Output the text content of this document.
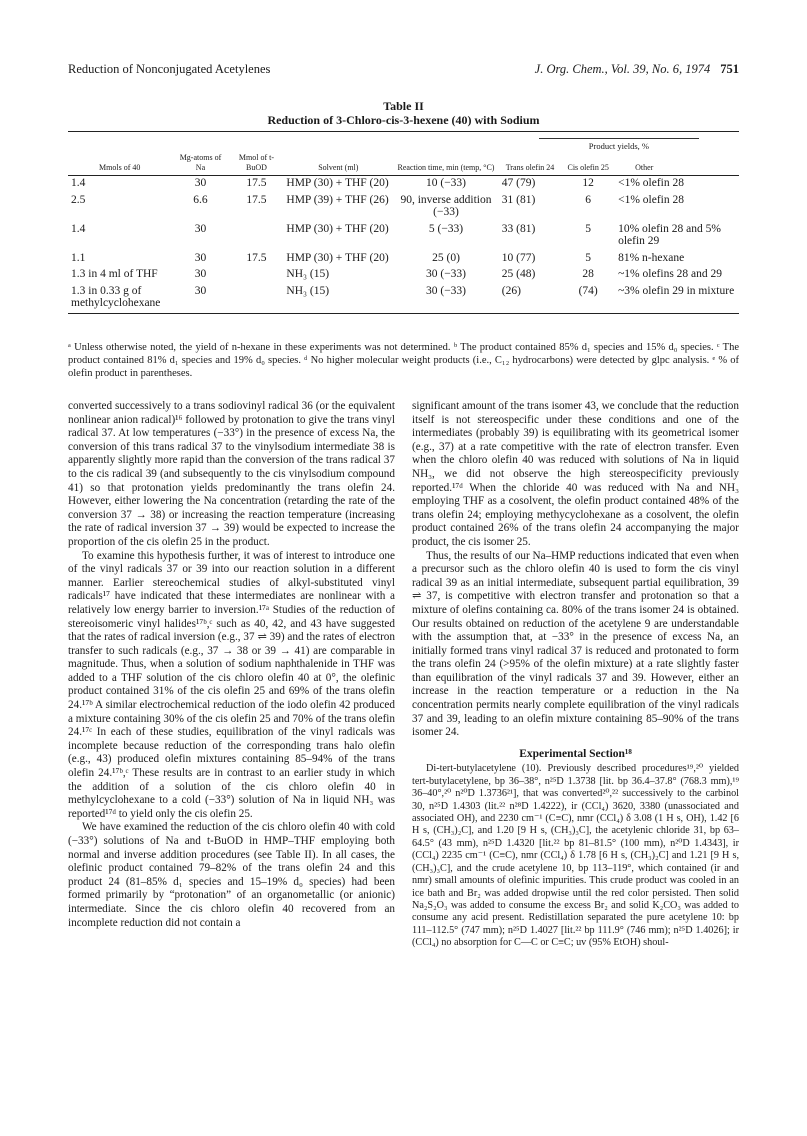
Reduction of Nonconjugated Acetylenes	J. Org. Chem., Vol. 39, No. 6, 1974 751
Table II
Reduction of 3-Chloro-cis-3-hexene (40) with Sodium

Product yields, %		
Mmols of 40	Mg-atoms of Na	Mmol of t-BuOD	Solvent (ml)	Reaction time, min (temp, °C)	Trans olefin 24	Cis olefin 25	Other
1.4	30	17.5	HMP (30) + THF (20)	10 (−33)	47 (79)	12	<1% olefin 28
2.5	6.6	17.5	HMP (39) + THF (26)	90, inverse addition (−33)	31 (81)	6	<1% olefin 28
1.4	30		HMP (30) + THF (20)	5 (−33)	33 (81)	5	10% olefin 28 and 5% olefin 29
1.1	30	17.5	HMP (30) + THF (20)	25 (0)	10 (77)	5	81% n-hexane
1.3 in 4 ml of THF	30		NH₃ (15)	30 (−33)	25 (48)	28	~1% olefins 28 and 29
1.3 in 0.33 g of methylcyclohexane	30		NH₃ (15)	30 (−33)	(26)	(74)	~3% olefin 29 in mixture
ᵃ Unless otherwise noted, the yield of n-hexane in these experiments was not determined. ᵇ The product contained 85% d₁ species and 15% d₀ species. ᶜ The product contained 81% d₁ species and 19% d₀ species. ᵈ No higher molecular weight products (i.e., C₁₂ hydrocarbons) were detected by glpc analysis. ᵉ % of olefin product in parentheses.

converted successively to a trans sodiovinyl radical 36 (or the equivalent nonlinear anion radical)¹⁶ followed by protonation to give the trans vinyl radical 37. At low temperatures (−33°) in the presence of excess Na, the conversion of this trans radical 37 to the vinylsodium intermediate 38 is apparently slightly more rapid than the conversion of the trans radical 37 to the cis radical 39 (and subsequently to the cis vinylsodium compound 41) so that protonation yields predominantly the trans olefin 24. However, either lowering the Na concentration (retarding the rate of the conversion 37 → 38) or increasing the reaction temperature (increasing the rate of radical inversion 37 → 39) would be expected to increase the proportion of the cis olefin 25 in the product.

To examine this hypothesis further, it was of interest to introduce one of the vinyl radicals 37 or 39 into our reaction solution in a different manner. Earlier stereochemical studies of alkyl-substituted vinyl radicals¹⁷ have indicated that these intermediates are nonlinear with a relatively low energy barrier to inversion.¹⁷ᵃ Studies of the reduction of stereoisomeric vinyl halides¹⁷ᵇ,ᶜ such as 40, 42, and 43 have suggested that the rates of radical inversion (e.g., 37 ⇌ 39) and the rates of electron transfer to such radicals (e.g., 37 → 38 or 39 → 41) are comparable in magnitude. Thus, when a solution of sodium naphthalenide in THF was added to a THF solution of the cis chloro olefin 40 at 0°, the olefinic product contained 31% of the cis olefin 25 and 69% of the trans olefin 24.¹⁷ᵇ A similar electrochemical reduction of the iodo olefin 42 produced a mixture containing 30% of the cis olefin 25 and 70% of the trans olefin 24.¹⁷ᶜ In each of these studies, equilibration of the vinyl radicals was incomplete because reduction of the corresponding trans halo olefin (e.g., 43) produced olefin mixtures containing 85–94% of the trans olefin 24.¹⁷ᵇ,ᶜ These results are in contrast to an earlier study in which the addition of a solution of the cis chloro olefin 40 in methylcyclohexane to a cold (−33°) solution of Na in liquid NH₃ was reported¹⁷ᵈ to yield only the cis olefin 25.

We have examined the reduction of the cis chloro olefin 40 with cold (−33°) solutions of Na and t-BuOD in HMP–THF employing both normal and inverse addition procedures (see Table II). In all cases, the olefinic product contained 79–82% of the trans olefin 24 and this product 24 (81–85% d₁ species and 15–19% d₀ species) had been formed primarily by “protonation” of an organometallic (or anionic) intermediate. Since the cis chloro olefin 40 recovered from an incomplete reduction did not contain a

significant amount of the trans isomer 43, we conclude that the reduction itself is not stereospecific under these conditions and one of the intermediates (probably 39) is equilibrating with its geometrical isomer (e.g., 37) at a rate competitive with the rate of electron transfer. Even when the chloro olefin 40 was reduced with solutions of Na in liquid NH₃, we did not observe the high stereospecificity previously reported.¹⁷ᵈ When the chloride 40 was reduced with Na and NH₃ employing THF as a cosolvent, the olefin product contained 48% of the trans olefin 24; employing methycyclohexane as a cosolvent, the olefin product contained 26% of the trans olefin 24 accompanying the major product, the cis isomer 25.

Thus, the results of our Na–HMP reductions indicated that even when a precursor such as the chloro olefin 40 is used to form the cis vinyl radical 39 as an initial intermediate, subsequent partial equilibration, 39 ⇌ 37, is competitive with electron transfer and protonation so that a mixture of olefins containing ca. 80% of the trans isomer 24 is obtained. Our results obtained on reduction of the acetylene 9 are understandable with the assumption that, at −33° in the presence of excess Na, an initially formed trans vinyl radical 37 is reduced and protonated to form the trans olefin 24 (>95% of the olefin mixture) at a rate slightly faster than equilibration of the vinyl radicals 37 and 39. However, either an increase in the reaction temperature or a reduction in the Na concentration permits nearly complete equilibration of the vinyl radicals 37 and 39, leading to an olefin mixture containing 85–90% of the trans isomer 24.

Experimental Section¹⁸

Di-tert-butylacetylene (10). Previously described procedures¹⁹,²⁰ yielded tert-butylacetylene, bp 36–38°, n²⁵D 1.3738 [lit. bp 36.4–37.8° (768.3 mm),¹⁹ 36–40°,²⁰ n²⁰D 1.3736²¹], that was converted²⁰,²² successively to the carbinol 30, n²⁵D 1.4303 (lit.²² n²⁸D 1.4222), ir (CCl₄) 3620, 3380 (unassociated and associated OH), and 2230 cm⁻¹ (C≡C), nmr (CCl₄) δ 3.08 (1 H s, OH), 1.42 [6 H s, (CH₃)₂C], and 1.20 [9 H s, (CH₃)₃C], the acetylenic chloride 31, bp 63–64.5° (43 mm), n²⁵D 1.4320 [lit.²² bp 81–81.5° (100 mm), n²⁰D 1.4343], ir (CCl₄) 2235 cm⁻¹ (C≡C), nmr (CCl₄) δ 1.78 [6 H s, (CH₃)₂C] and 1.21 [9 H s, (CH₃)₃C], and the crude acetylene 10, bp 113–119°, which contained (ir and nmr) small amounts of olefinic impurities. This crude product was cooled in an ice bath and Br₂ was added dropwise until the red color persisted. Then solid Na₂S₂O₃ was added to consume the excess Br₂ and solid K₂CO₃ was added to consume any acid present. Redistillation separated the pure acetylene 10: bp 111–112.5° (747 mm); n²⁵D 1.4027 [lit.²² bp 111.9° (746 mm); n²⁵D 1.4026]; ir (CCl₄) no absorption for C—C or C≡C; uv (95% EtOH) shoul-
